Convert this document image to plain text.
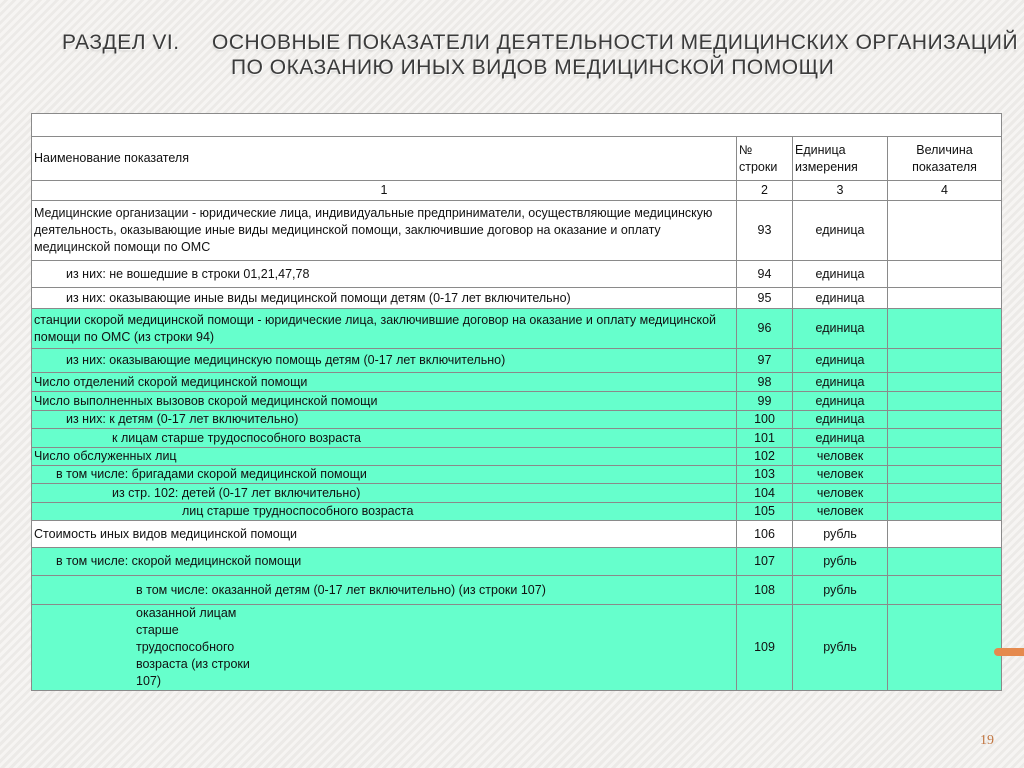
РАЗДЕЛ VI.	ОСНОВНЫЕ ПОКАЗАТЕЛИ ДЕЯТЕЛЬНОСТИ МЕДИЦИНСКИХ ОРГАНИЗАЦИЙ
ПО ОКАЗАНИЮ ИНЫХ ВИДОВ МЕДИЦИНСКОЙ ПОМОЩИ

Наименование показателя	№ строки	Единица измерения	Величина показателя
1	2	3	4
Медицинские организации - юридические лица, индивидуальные предприниматели, осуществляющие медицинскую деятельность, оказывающие иные виды медицинской помощи, заключившие договор на оказание и оплату медицинской помощи по ОМС	93	единица	
из них: не вошедшие в строки 01,21,47,78	94	единица	
из них: оказывающие иные виды медицинской помощи детям (0-17 лет включительно)	95	единица	
станции скорой медицинской помощи - юридические лица, заключившие договор на оказание и оплату медицинской помощи по ОМС (из строки 94)	96	единица	
из них: оказывающие медицинскую помощь детям (0-17 лет включительно)	97	единица	
Число отделений скорой медицинской помощи	98	единица	
Число выполненных вызовов скорой медицинской помощи	99	единица	
из них: к детям (0-17 лет включительно)	100	единица	
к лицам старше трудоспособного возраста	101	единица	
Число обслуженных лиц	102	человек	
в том числе: бригадами скорой медицинской помощи	103	человек	
из стр. 102: детей (0-17 лет включительно)	104	человек	
лиц старше трудноспособного возраста	105	человек	
Стоимость иных видов медицинской помощи	106	рубль	
в том числе: скорой медицинской помощи	107	рубль	
в том числе: оказанной детям (0-17 лет включительно) (из строки 107)	108	рубль	
оказанной лицам старше трудоспособного возраста (из строки 107)	109	рубль	
19
